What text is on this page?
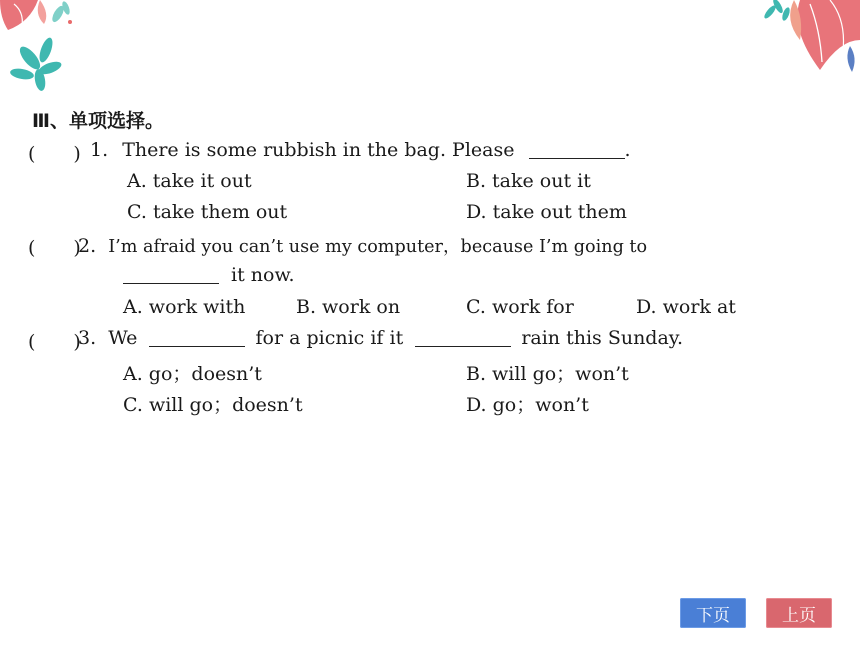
Ⅲ、单项选择。
(　　) 1. There is some rubbish in the bag. Please	.
A. take it out	B. take out it
C. take them out	D. take out them
(　　)
2. I’m afraid you can’t use my computer，because I’m going to
it now.
A. work with	B. work on	C. work for	D. work at
(　　)
3. We	for a picnic if it	rain this Sunday.
A. go；doesn’t	B. will go；won’t
C. will go；doesn’t	D. go；won’t
下页	上页
